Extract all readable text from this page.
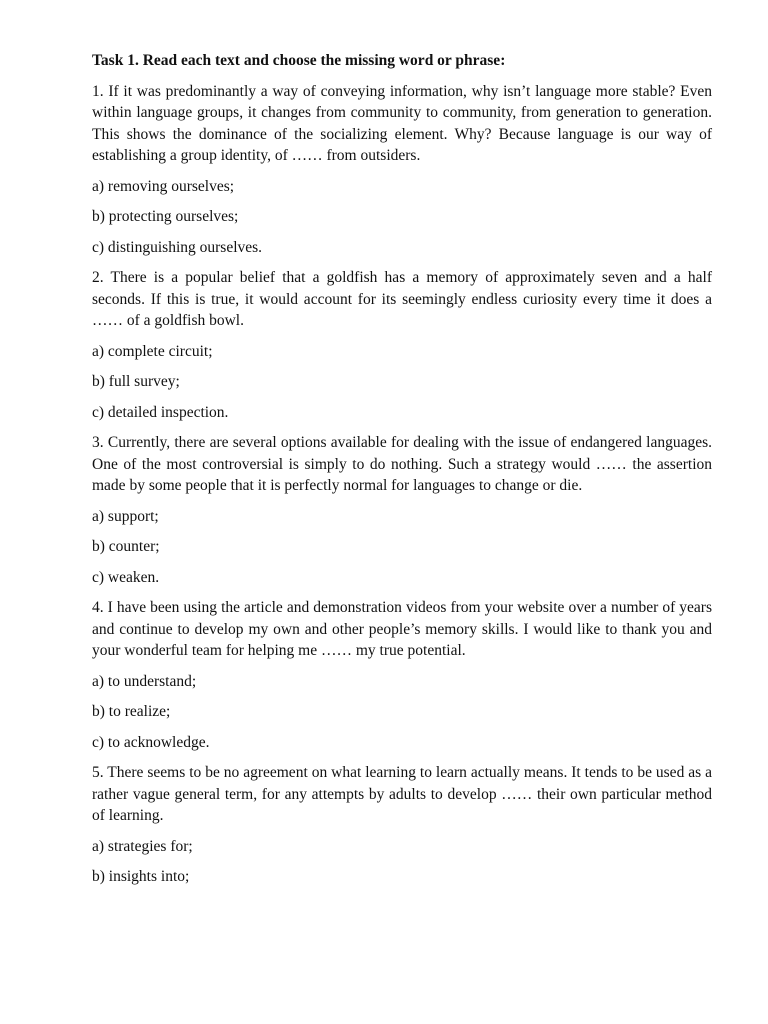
Task 1. Read each text and choose the missing word or phrase:

1. If it was predominantly a way of conveying information, why isn’t language more stable? Even within language groups, it changes from community to community, from generation to generation. This shows the dominance of the socializing element. Why? Because language is our way of establishing a group identity, of …… from outsiders.

a) removing ourselves;

b) protecting ourselves;

c) distinguishing ourselves.

2. There is a popular belief that a goldfish has a memory of approximately seven and a half seconds. If this is true, it would account for its seemingly endless curiosity every time it does a …… of a goldfish bowl.

a) complete circuit;

b) full survey;

c) detailed inspection.

3. Currently, there are several options available for dealing with the issue of endangered languages. One of the most controversial is simply to do nothing. Such a strategy would …… the assertion made by some people that it is perfectly normal for languages to change or die.

a) support;

b) counter;

c) weaken.

4. I have been using the article and demonstration videos from your website over a number of years and continue to develop my own and other people’s memory skills. I would like to thank you and your wonderful team for helping me …… my true potential.

a) to understand;

b) to realize;

c) to acknowledge.

5. There seems to be no agreement on what learning to learn actually means. It tends to be used as a rather vague general term, for any attempts by adults to develop …… their own particular method of learning.

a) strategies for;

b) insights into;
